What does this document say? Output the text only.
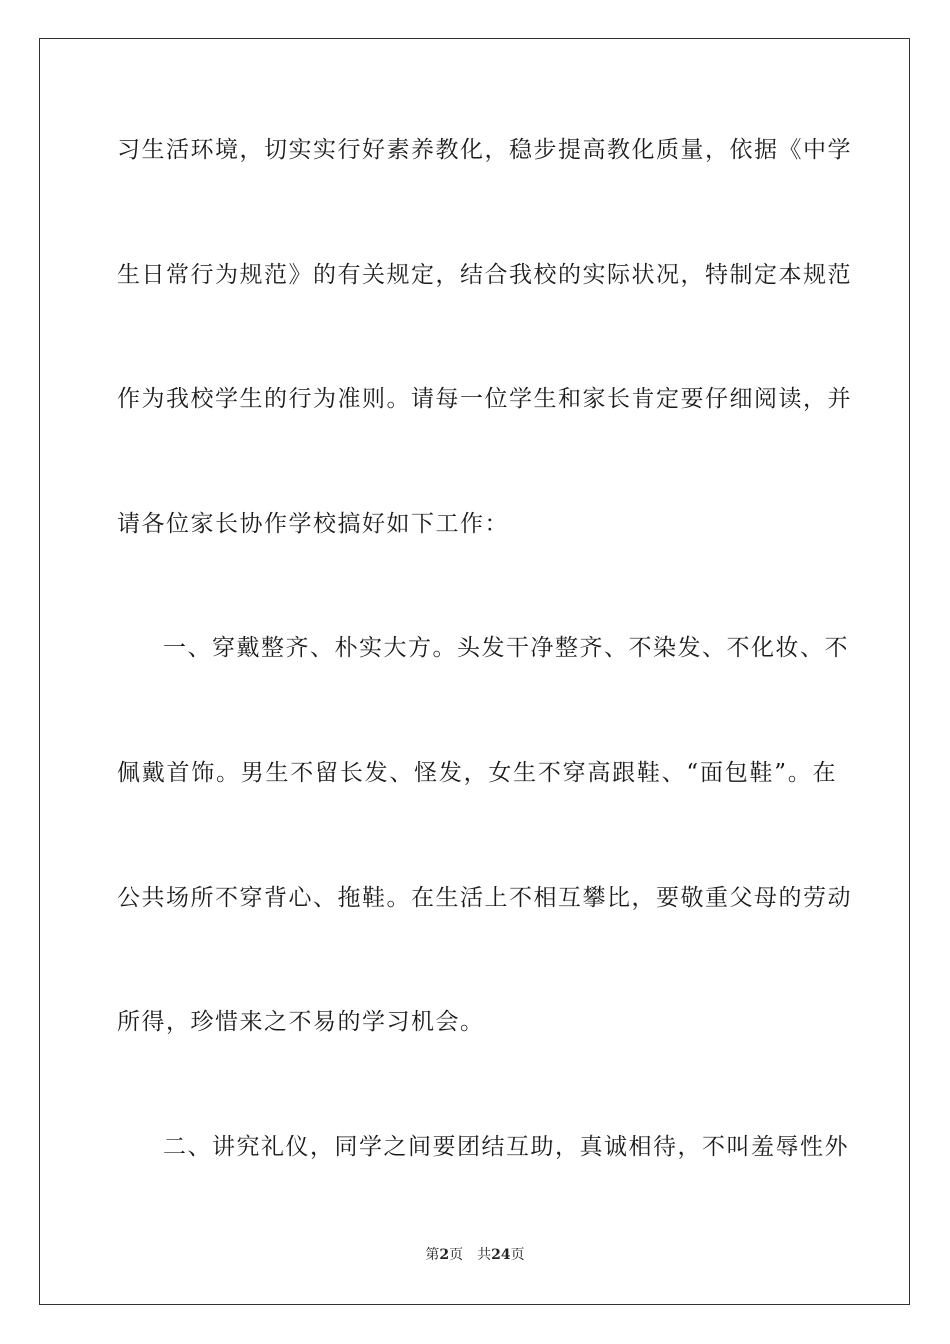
习生活环境，切实实行好素养教化，稳步提高教化质量，依据《中学
生日常行为规范》的有关规定，结合我校的实际状况，特制定本规范
作为我校学生的行为准则。请每一位学生和家长肯定要仔细阅读，并
请各位家长协作学校搞好如下工作：
一、穿戴整齐、朴实大方。头发干净整齐、不染发、不化妆、不
佩戴首饰。男生不留长发、怪发，女生不穿高跟鞋、“面包鞋”。在
公共场所不穿背心、拖鞋。在生活上不相互攀比，要敬重父母的劳动
所得，珍惜来之不易的学习机会。
二、讲究礼仪，同学之间要团结互助，真诚相待，不叫羞辱性外
第2页 共24页
